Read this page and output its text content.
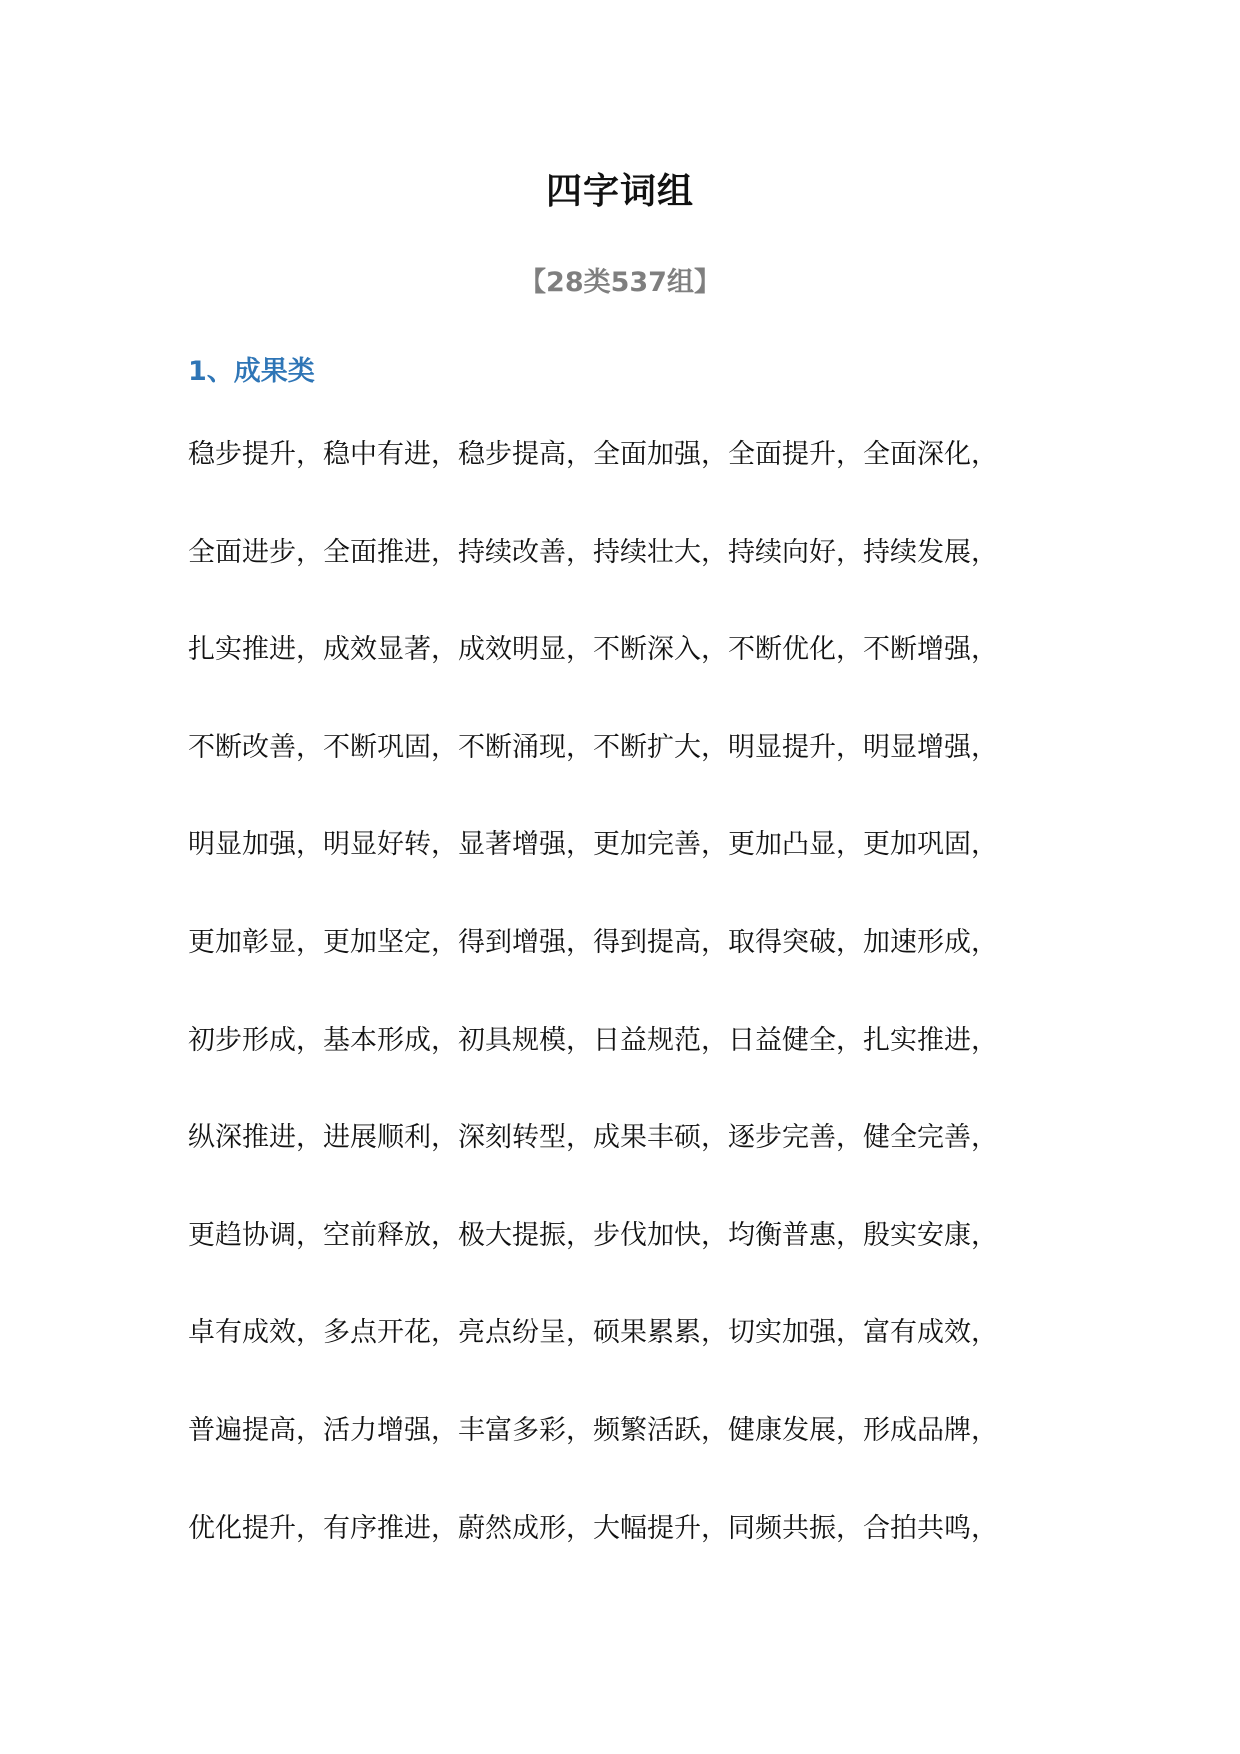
四字词组
【28类537组】
1、成果类
稳步提升，稳中有进，稳步提高，全面加强，全面提升，全面深化，
全面进步，全面推进，持续改善，持续壮大，持续向好，持续发展，
扎实推进，成效显著，成效明显，不断深入，不断优化，不断增强，
不断改善，不断巩固，不断涌现，不断扩大，明显提升，明显增强，
明显加强，明显好转，显著增强，更加完善，更加凸显，更加巩固，
更加彰显，更加坚定，得到增强，得到提高，取得突破，加速形成，
初步形成，基本形成，初具规模，日益规范，日益健全，扎实推进，
纵深推进，进展顺利，深刻转型，成果丰硕，逐步完善，健全完善，
更趋协调，空前释放，极大提振，步伐加快，均衡普惠，殷实安康，
卓有成效，多点开花，亮点纷呈，硕果累累，切实加强，富有成效，
普遍提高，活力增强，丰富多彩，频繁活跃，健康发展，形成品牌，
优化提升，有序推进，蔚然成形，大幅提升，同频共振，合拍共鸣，
